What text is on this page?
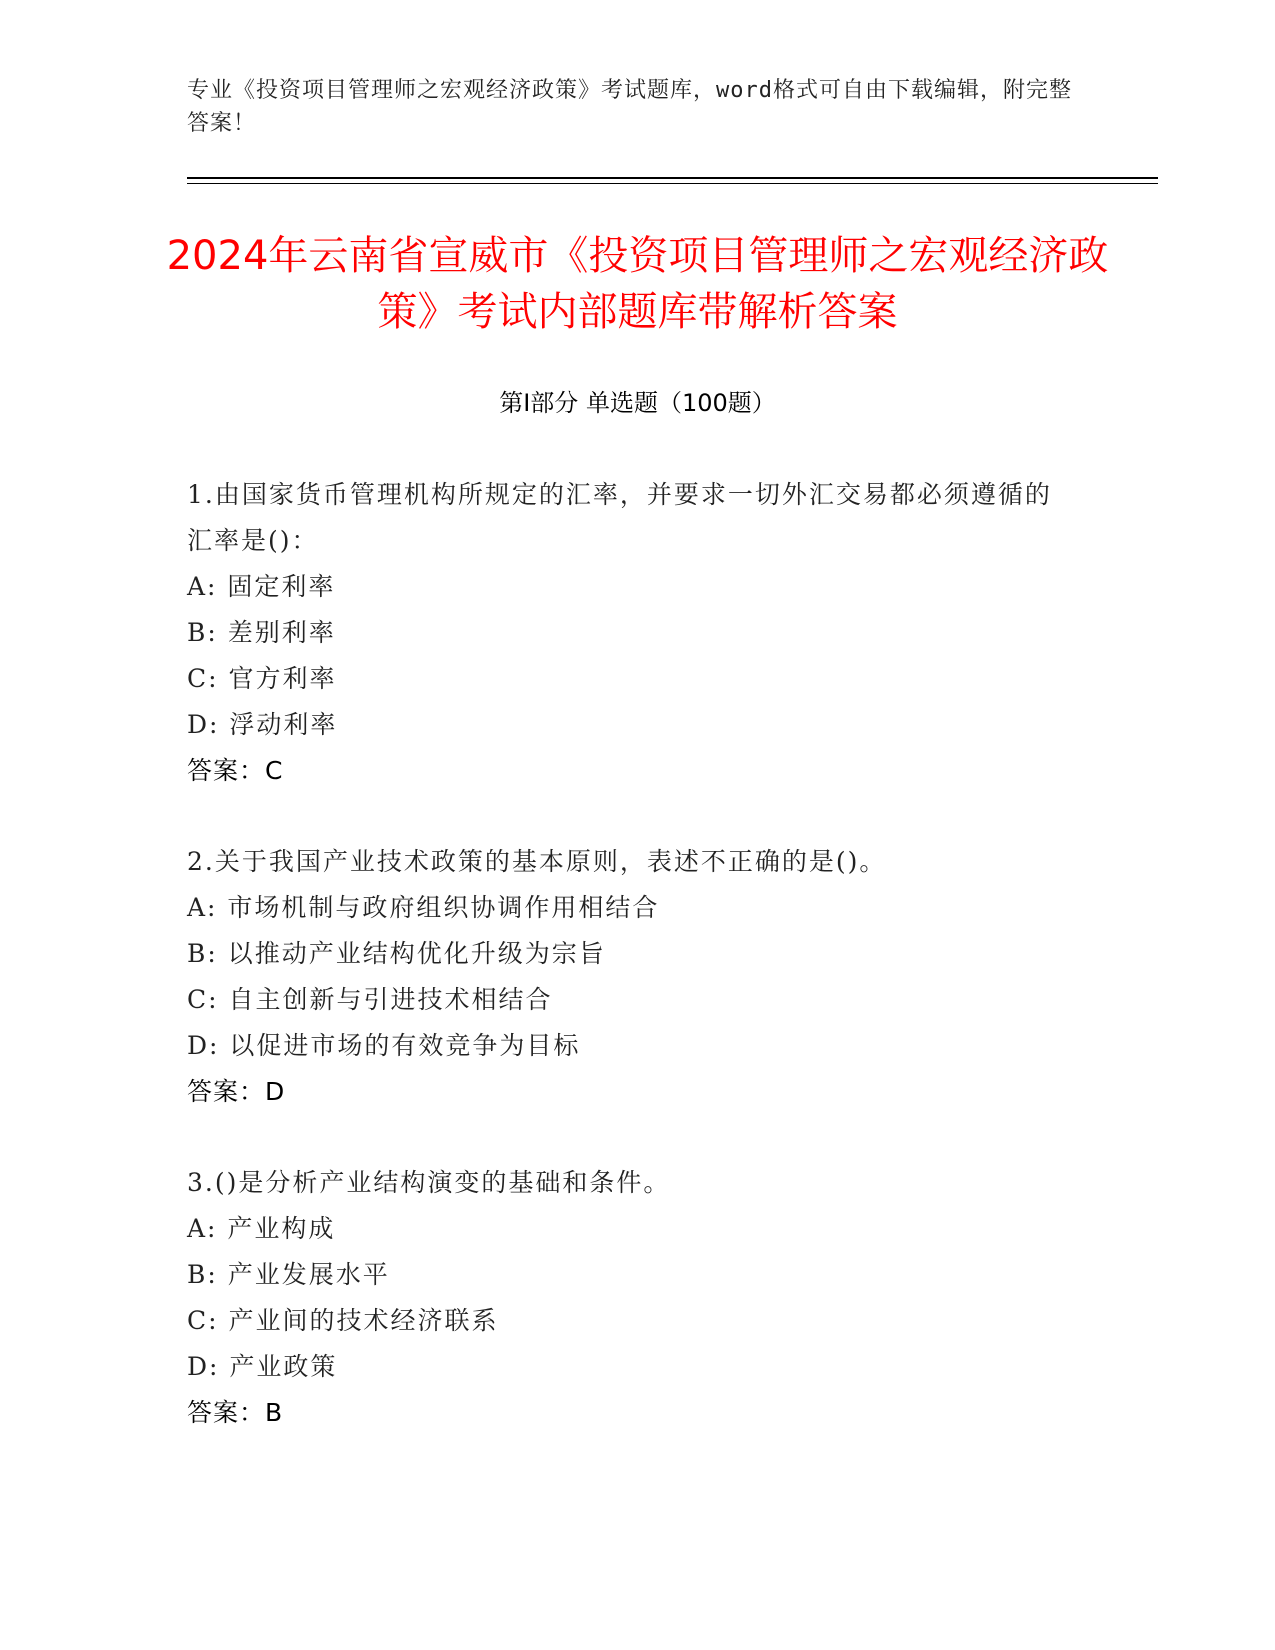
专业《投资项目管理师之宏观经济政策》考试题库，word格式可自由下载编辑，附完整答案！
2024年云南省宣威市《投资项目管理师之宏观经济政策》考试内部题库带解析答案
第I部分 单选题（100题）
1.由国家货币管理机构所规定的汇率，并要求一切外汇交易都必须遵循的汇率是()：
A: 固定利率
B: 差别利率
C: 官方利率
D: 浮动利率
答案：C
2.关于我国产业技术政策的基本原则，表述不正确的是()。
A: 市场机制与政府组织协调作用相结合
B: 以推动产业结构优化升级为宗旨
C: 自主创新与引进技术相结合
D: 以促进市场的有效竞争为目标
答案：D
3.()是分析产业结构演变的基础和条件。
A: 产业构成
B: 产业发展水平
C: 产业间的技术经济联系
D: 产业政策
答案：B
